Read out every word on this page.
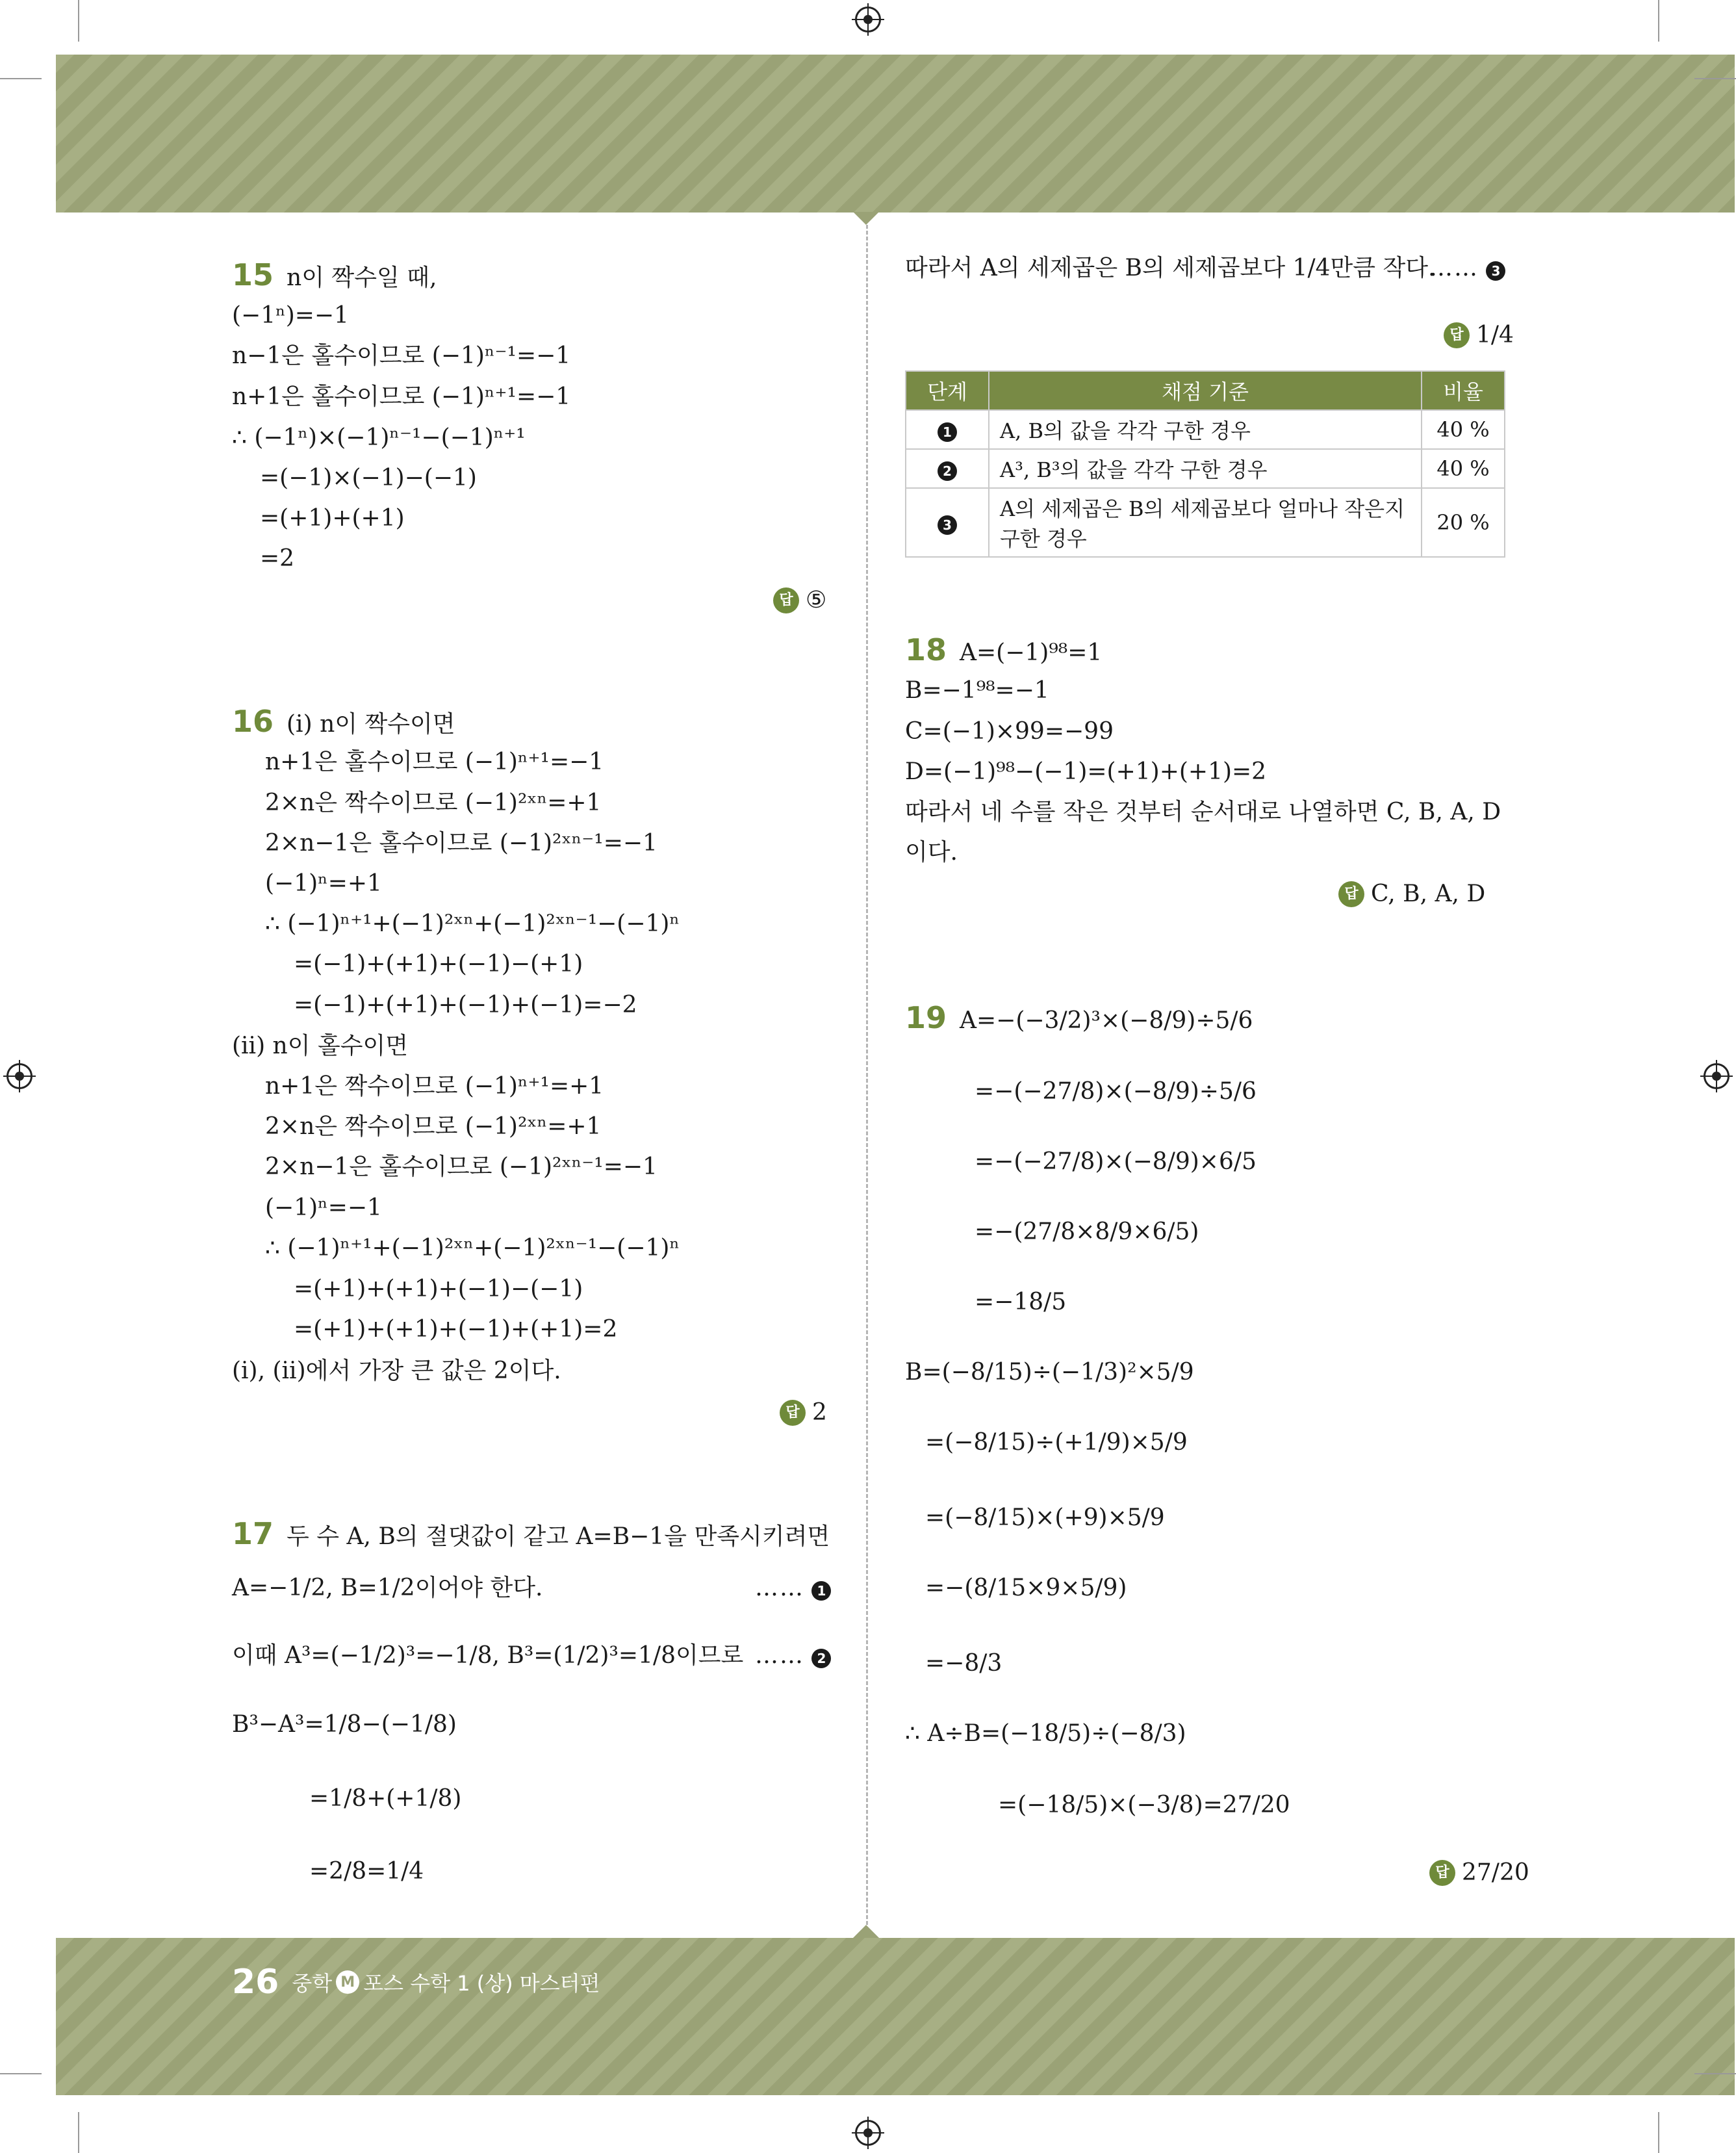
15 n이 짝수일 때,
(−1ⁿ)=−1
n−1은 홀수이므로 (−1)ⁿ⁻¹=−1
n+1은 홀수이므로 (−1)ⁿ⁺¹=−1
∴ (−1ⁿ)×(−1)ⁿ⁻¹−(−1)ⁿ⁺¹
=(−1)×(−1)−(−1)
=(+1)+(+1)
=2
답 ⑤
16 (ⅰ) n이 짝수이면
n+1은 홀수이므로 (−1)ⁿ⁺¹=−1
2×n은 짝수이므로 (−1)²ˣⁿ=+1
2×n−1은 홀수이므로 (−1)²ˣⁿ⁻¹=−1
(−1)ⁿ=+1
∴ (−1)ⁿ⁺¹+(−1)²ˣⁿ+(−1)²ˣⁿ⁻¹−(−1)ⁿ
=(−1)+(+1)+(−1)−(+1)
=(−1)+(+1)+(−1)+(−1)=−2
(ⅱ) n이 홀수이면
n+1은 짝수이므로 (−1)ⁿ⁺¹=+1
2×n은 짝수이므로 (−1)²ˣⁿ=+1
2×n−1은 홀수이므로 (−1)²ˣⁿ⁻¹=−1
(−1)ⁿ=−1
∴ (−1)ⁿ⁺¹+(−1)²ˣⁿ+(−1)²ˣⁿ⁻¹−(−1)ⁿ
=(+1)+(+1)+(−1)−(−1)
=(+1)+(+1)+(−1)+(+1)=2
(ⅰ), (ⅱ)에서 가장 큰 값은 2이다.
답 2
17 두 수 A, B의 절댓값이 같고 A=B−1을 만족시키려면
A=−1/2, B=1/2이어야 한다.	…… 1
이때 A³=(−1/2)³=−1/8, B³=(1/2)³=1/8이므로 …… 2
B³−A³=1/8−(−1/8)
=1/8+(+1/8)
=2/8=1/4
따라서 A의 세제곱은 B의 세제곱보다 1/4만큼 작다.
…… 3
답 1/4
단계	채점 기준	비율
1	A, B의 값을 각각 구한 경우	40 %
2	A³, B³의 값을 각각 구한 경우	40 %
3	A의 세제곱은 B의 세제곱보다 얼마나 작은지 구한 경우	20 %
18 A=(−1)⁹⁸=1
B=−1⁹⁸=−1
C=(−1)×99=−99
D=(−1)⁹⁸−(−1)=(+1)+(+1)=2
따라서 네 수를 작은 것부터 순서대로 나열하면 C, B, A, D
이다.
답 C, B, A, D
19 A=−(−3/2)³×(−8/9)÷5/6
=−(−27/8)×(−8/9)÷5/6
=−(−27/8)×(−8/9)×6/5
=−(27/8×8/9×6/5)
=−18/5
B=(−8/15)÷(−1/3)²×5/9
=(−8/15)÷(+1/9)×5/9
=(−8/15)×(+9)×5/9
=−(8/15×9×5/9)
=−8/3
∴ A÷B=(−18/5)÷(−8/3)
=(−18/5)×(−3/8)=27/20
답 27/20
26 중학 M 포스 수학 1 (상) 마스터편
